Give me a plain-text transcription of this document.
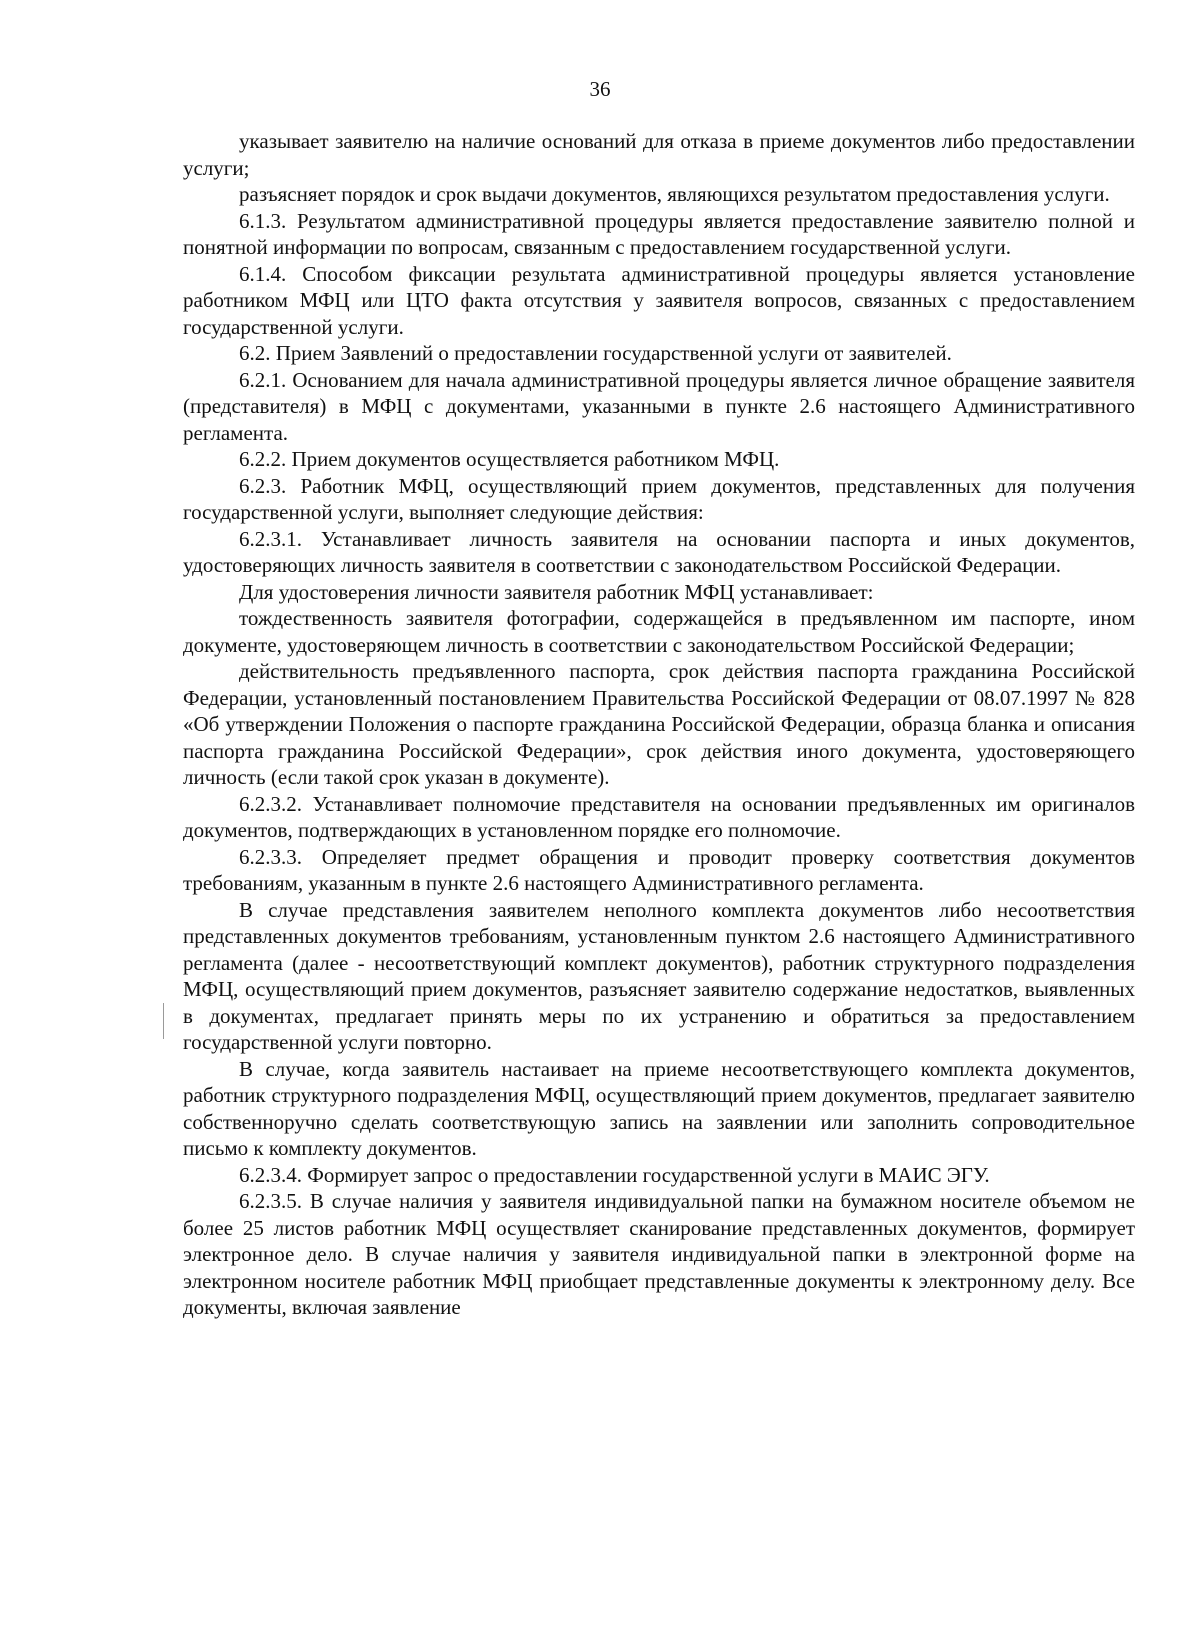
36

указывает заявителю на наличие оснований для отказа в приеме документов либо предоставлении услуги;

разъясняет порядок и срок выдачи документов, являющихся результатом предоставления услуги.

6.1.3. Результатом административной процедуры является предоставление заявителю полной и понятной информации по вопросам, связанным с предоставлением государственной услуги.

6.1.4. Способом фиксации результата административной процедуры является установление работником МФЦ или ЦТО факта отсутствия у заявителя вопросов, связанных с предоставлением государственной услуги.

6.2. Прием Заявлений о предоставлении государственной услуги от заявителей.

6.2.1. Основанием для начала административной процедуры является личное обращение заявителя (представителя) в МФЦ с документами, указанными в пункте 2.6 настоящего Административного регламента.

6.2.2. Прием документов осуществляется работником МФЦ.

6.2.3. Работник МФЦ, осуществляющий прием документов, представленных для получения государственной услуги, выполняет следующие действия:

6.2.3.1. Устанавливает личность заявителя на основании паспорта и иных документов, удостоверяющих личность заявителя в соответствии с законодательством Российской Федерации.

Для удостоверения личности заявителя работник МФЦ устанавливает:

тождественность заявителя фотографии, содержащейся в предъявленном им паспорте, ином документе, удостоверяющем личность в соответствии с законодательством Российской Федерации;

действительность предъявленного паспорта, срок действия паспорта гражданина Российской Федерации, установленный постановлением Правительства Российской Федерации от 08.07.1997 № 828 «Об утверждении Положения о паспорте гражданина Российской Федерации, образца бланка и описания паспорта гражданина Российской Федерации», срок действия иного документа, удостоверяющего личность (если такой срок указан в документе).

6.2.3.2. Устанавливает полномочие представителя на основании предъявленных им оригиналов документов, подтверждающих в установленном порядке его полномочие.

6.2.3.3. Определяет предмет обращения и проводит проверку соответствия документов требованиям, указанным в пункте 2.6 настоящего Административного регламента.

В случае представления заявителем неполного комплекта документов либо несоответствия представленных документов требованиям, установленным пунктом 2.6 настоящего Административного регламента (далее - несоответствующий комплект документов), работник структурного подразделения МФЦ, осуществляющий прием документов, разъясняет заявителю содержание недостатков, выявленных в документах, предлагает принять меры по их устранению и обратиться за предоставлением государственной услуги повторно.

В случае, когда заявитель настаивает на приеме несоответствующего комплекта документов, работник структурного подразделения МФЦ, осуществляющий прием документов, предлагает заявителю собственноручно сделать соответствующую запись на заявлении или заполнить сопроводительное письмо к комплекту документов.

6.2.3.4. Формирует запрос о предоставлении государственной услуги в МАИС ЭГУ.

6.2.3.5. В случае наличия у заявителя индивидуальной папки на бумажном носителе объемом не более 25 листов работник МФЦ осуществляет сканирование представленных документов, формирует электронное дело. В случае наличия у заявителя индивидуальной папки в электронной форме на электронном носителе работник МФЦ приобщает представленные документы к электронному делу. Все документы, включая заявление
